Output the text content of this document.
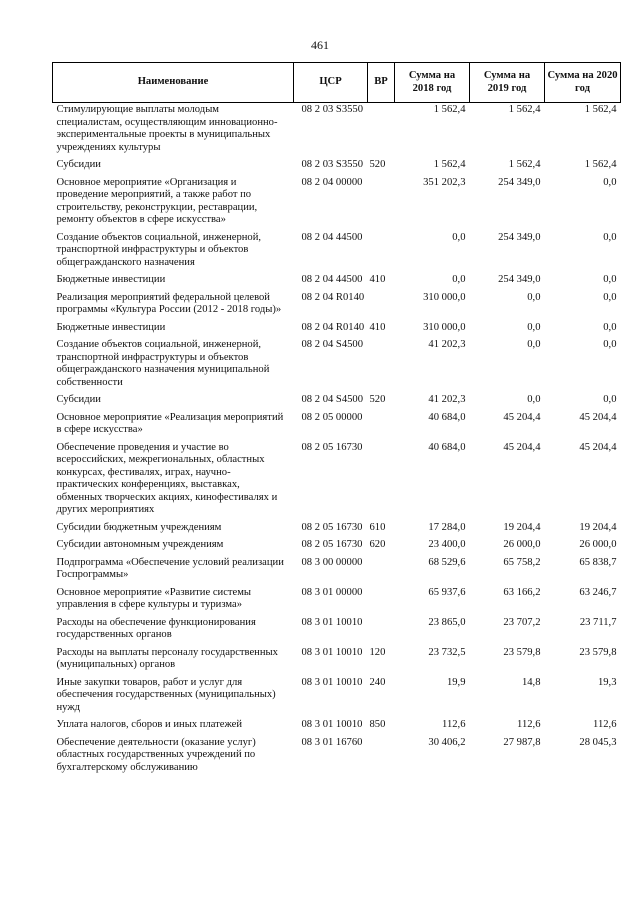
461
Наименование	ЦСР	ВР	Сумма на 2018 год	Сумма на 2019 год	Сумма на 2020 год
Стимулирующие выплаты молодым специалистам, осуществляющим инновационно-экспериментальные проекты в муниципальных учреждениях культуры	08 2 03 S3550		1 562,4	1 562,4	1 562,4
Субсидии	08 2 03 S3550	520	1 562,4	1 562,4	1 562,4
Основное мероприятие «Организация и проведение мероприятий, а также работ по строительству, реконструкции, реставрации, ремонту объектов в сфере искусства»	08 2 04 00000		351 202,3	254 349,0	0,0
Создание объектов социальной, инженерной, транспортной инфраструктуры и объектов общегражданского назначения	08 2 04 44500		0,0	254 349,0	0,0
Бюджетные инвестиции	08 2 04 44500	410	0,0	254 349,0	0,0
Реализация мероприятий федеральной целевой программы «Культура России (2012 - 2018 годы)»	08 2 04 R0140		310 000,0	0,0	0,0
Бюджетные инвестиции	08 2 04 R0140	410	310 000,0	0,0	0,0
Создание объектов социальной, инженерной, транспортной инфраструктуры и объектов общегражданского назначения муниципальной собственности	08 2 04 S4500		41 202,3	0,0	0,0
Субсидии	08 2 04 S4500	520	41 202,3	0,0	0,0
Основное мероприятие «Реализация мероприятий в сфере искусства»	08 2 05 00000		40 684,0	45 204,4	45 204,4
Обеспечение проведения и участие во всероссийских, межрегиональных, областных конкурсах, фестивалях, играх, научно-практических конференциях, выставках, обменных творческих акциях, кинофестивалях и других мероприятиях	08 2 05 16730		40 684,0	45 204,4	45 204,4
Субсидии бюджетным учреждениям	08 2 05 16730	610	17 284,0	19 204,4	19 204,4
Субсидии автономным учреждениям	08 2 05 16730	620	23 400,0	26 000,0	26 000,0
Подпрограмма «Обеспечение условий реализации Госпрограммы»	08 3 00 00000		68 529,6	65 758,2	65 838,7
Основное мероприятие «Развитие системы управления в сфере культуры и туризма»	08 3 01 00000		65 937,6	63 166,2	63 246,7
Расходы на обеспечение функционирования государственных органов	08 3 01 10010		23 865,0	23 707,2	23 711,7
Расходы на выплаты персоналу государственных (муниципальных) органов	08 3 01 10010	120	23 732,5	23 579,8	23 579,8
Иные закупки товаров, работ и услуг для обеспечения государственных (муниципальных) нужд	08 3 01 10010	240	19,9	14,8	19,3
Уплата налогов, сборов и иных платежей	08 3 01 10010	850	112,6	112,6	112,6
Обеспечение деятельности (оказание услуг) областных государственных учреждений по бухгалтерскому обслуживанию	08 3 01 16760		30 406,2	27 987,8	28 045,3
